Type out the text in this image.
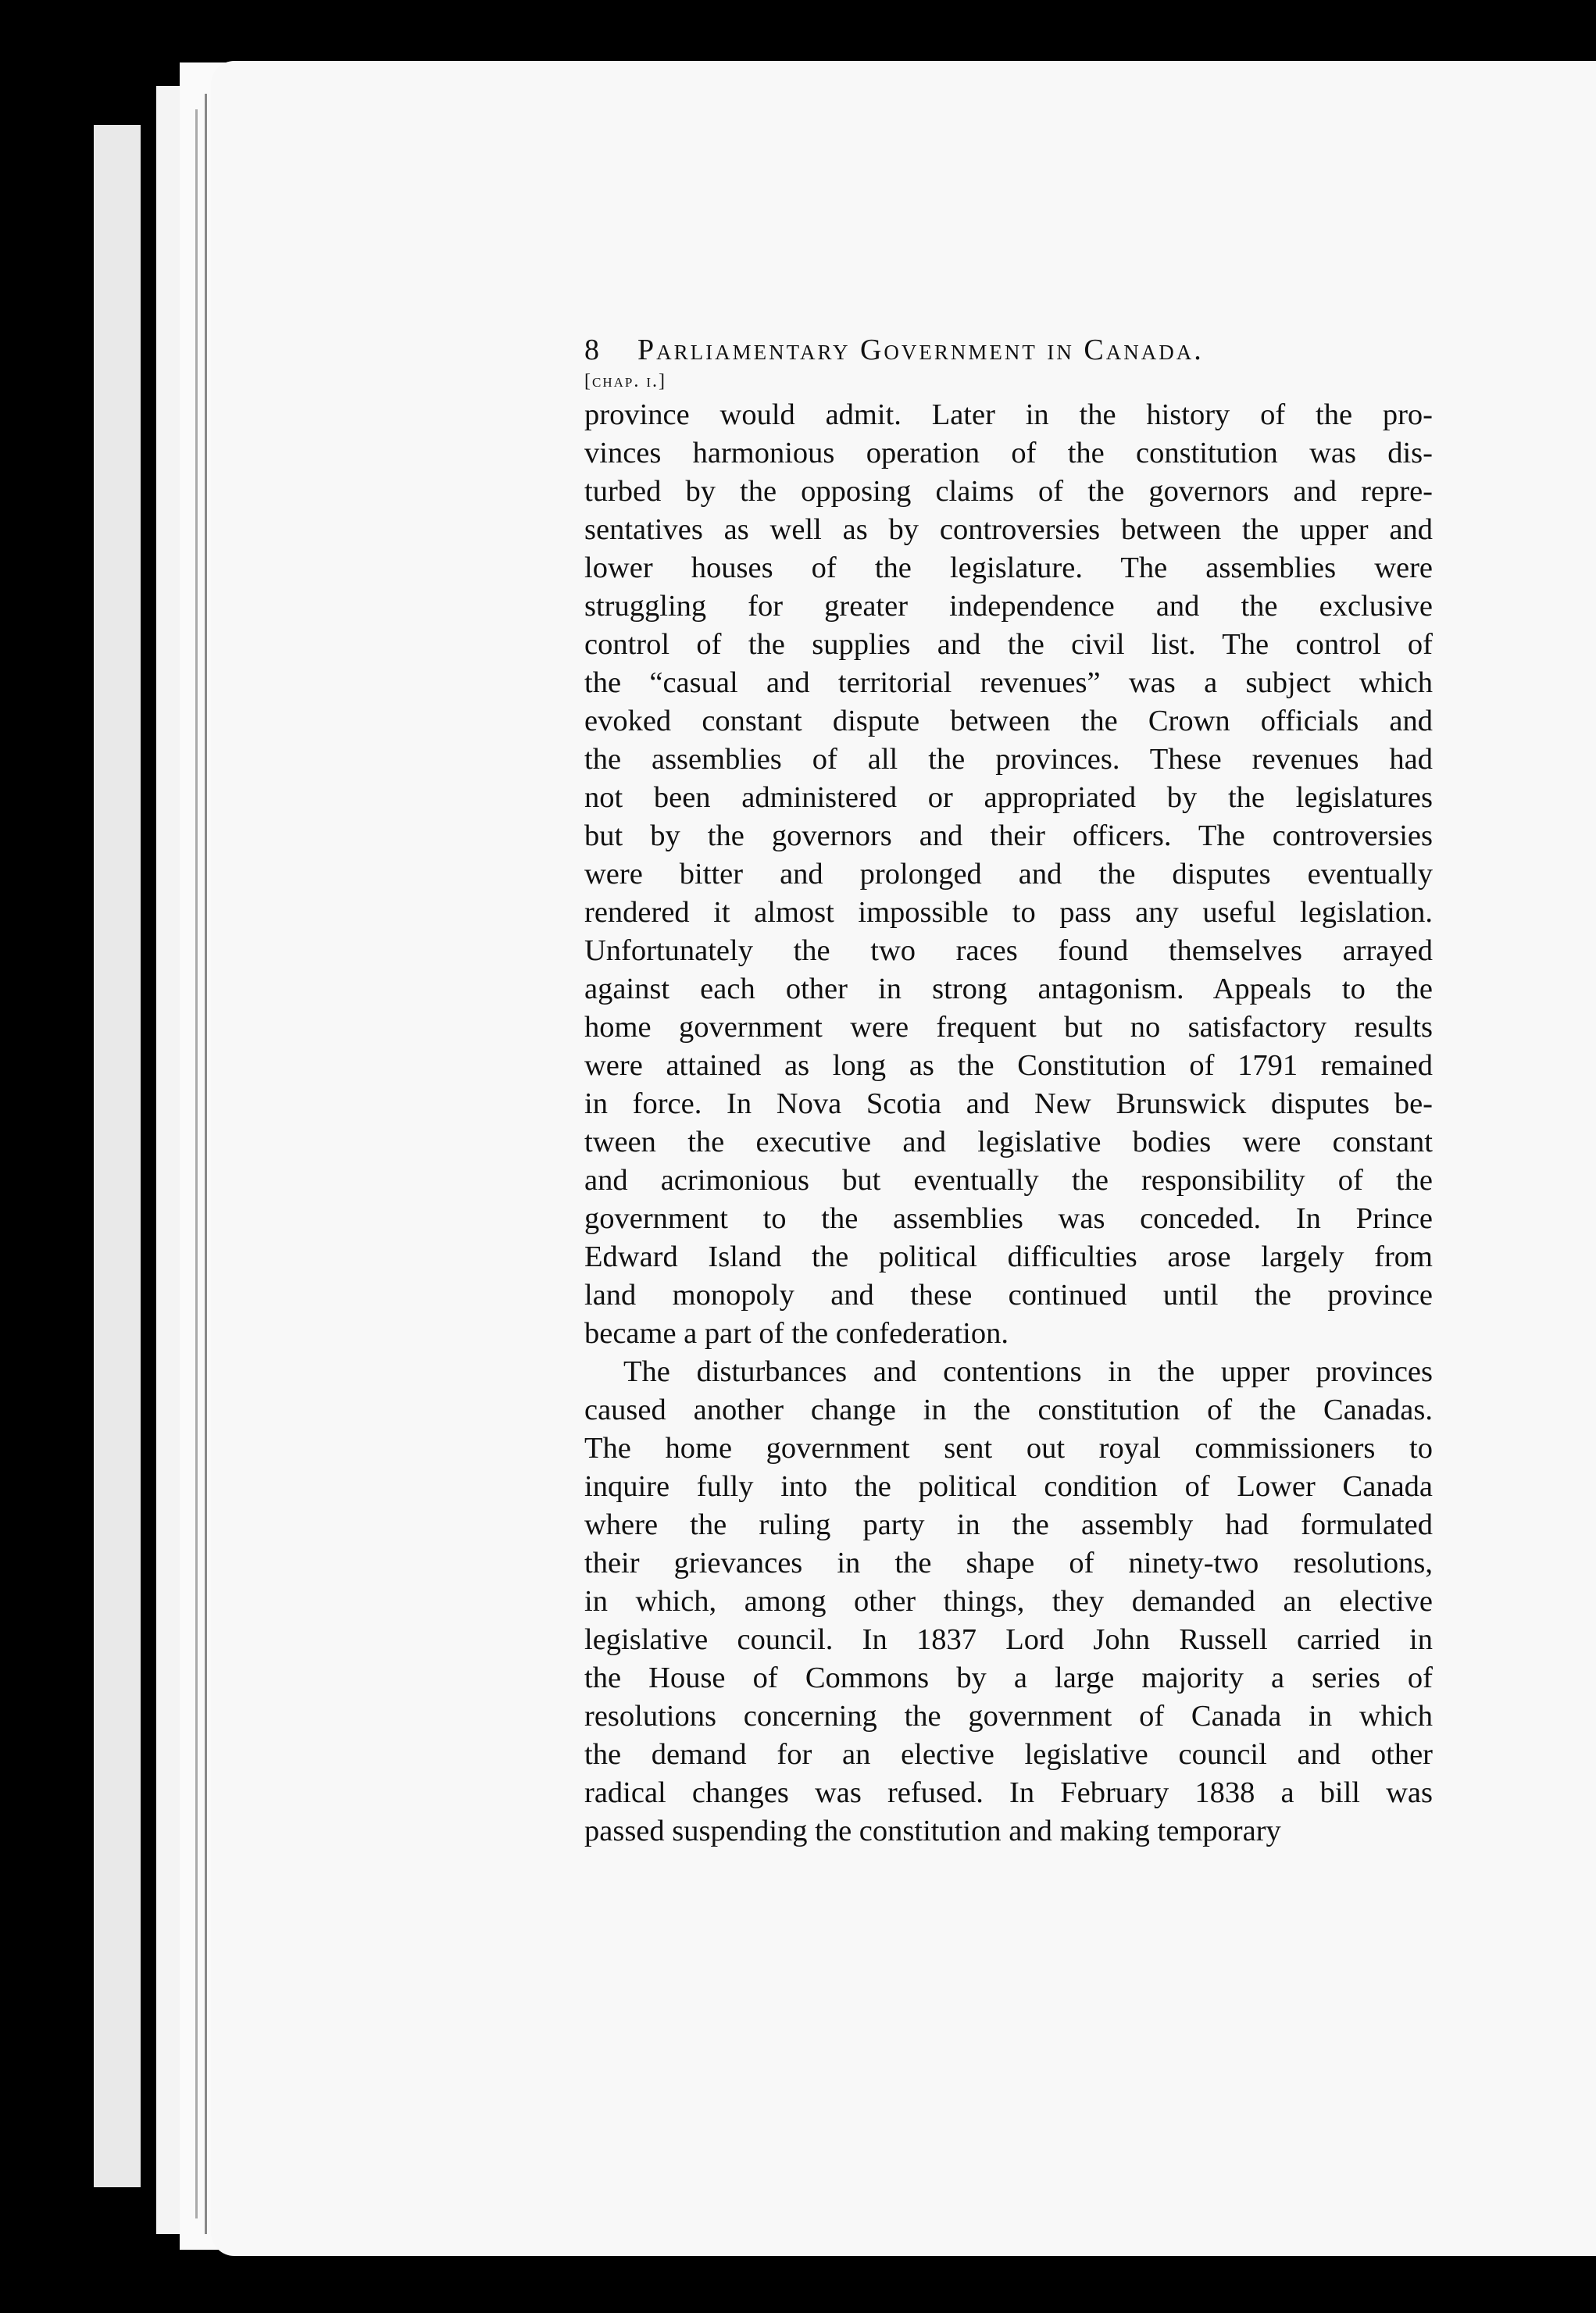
8	Parliamentary Government in Canada.
[chap. i.]
province would admit. Later in the history of the pro-
vinces harmonious operation of the constitution was dis-
turbed by the opposing claims of the governors and repre-
sentatives as well as by controversies between the upper and
lower houses of the legislature. The assemblies were
struggling for greater independence and the exclusive
control of the supplies and the civil list. The control of
the “casual and territorial revenues” was a subject which
evoked constant dispute between the Crown officials and
the assemblies of all the provinces. These revenues had
not been administered or appropriated by the legislatures
but by the governors and their officers. The controversies
were bitter and prolonged and the disputes eventually
rendered it almost impossible to pass any useful legislation.
Unfortunately the two races found themselves arrayed
against each other in strong antagonism. Appeals to the
home government were frequent but no satisfactory results
were attained as long as the Constitution of 1791 remained
in force. In Nova Scotia and New Brunswick disputes be-
tween the executive and legislative bodies were constant
and acrimonious but eventually the responsibility of the
government to the assemblies was conceded. In Prince
Edward Island the political difficulties arose largely from
land monopoly and these continued until the province
became a part of the confederation.
The disturbances and contentions in the upper provinces
caused another change in the constitution of the Canadas.
The home government sent out royal commissioners to
inquire fully into the political condition of Lower Canada
where the ruling party in the assembly had formulated
their grievances in the shape of ninety-two resolutions,
in which, among other things, they demanded an elective
legislative council. In 1837 Lord John Russell carried in
the House of Commons by a large majority a series of
resolutions concerning the government of Canada in which
the demand for an elective legislative council and other
radical changes was refused. In February 1838 a bill was
passed suspending the constitution and making temporary
